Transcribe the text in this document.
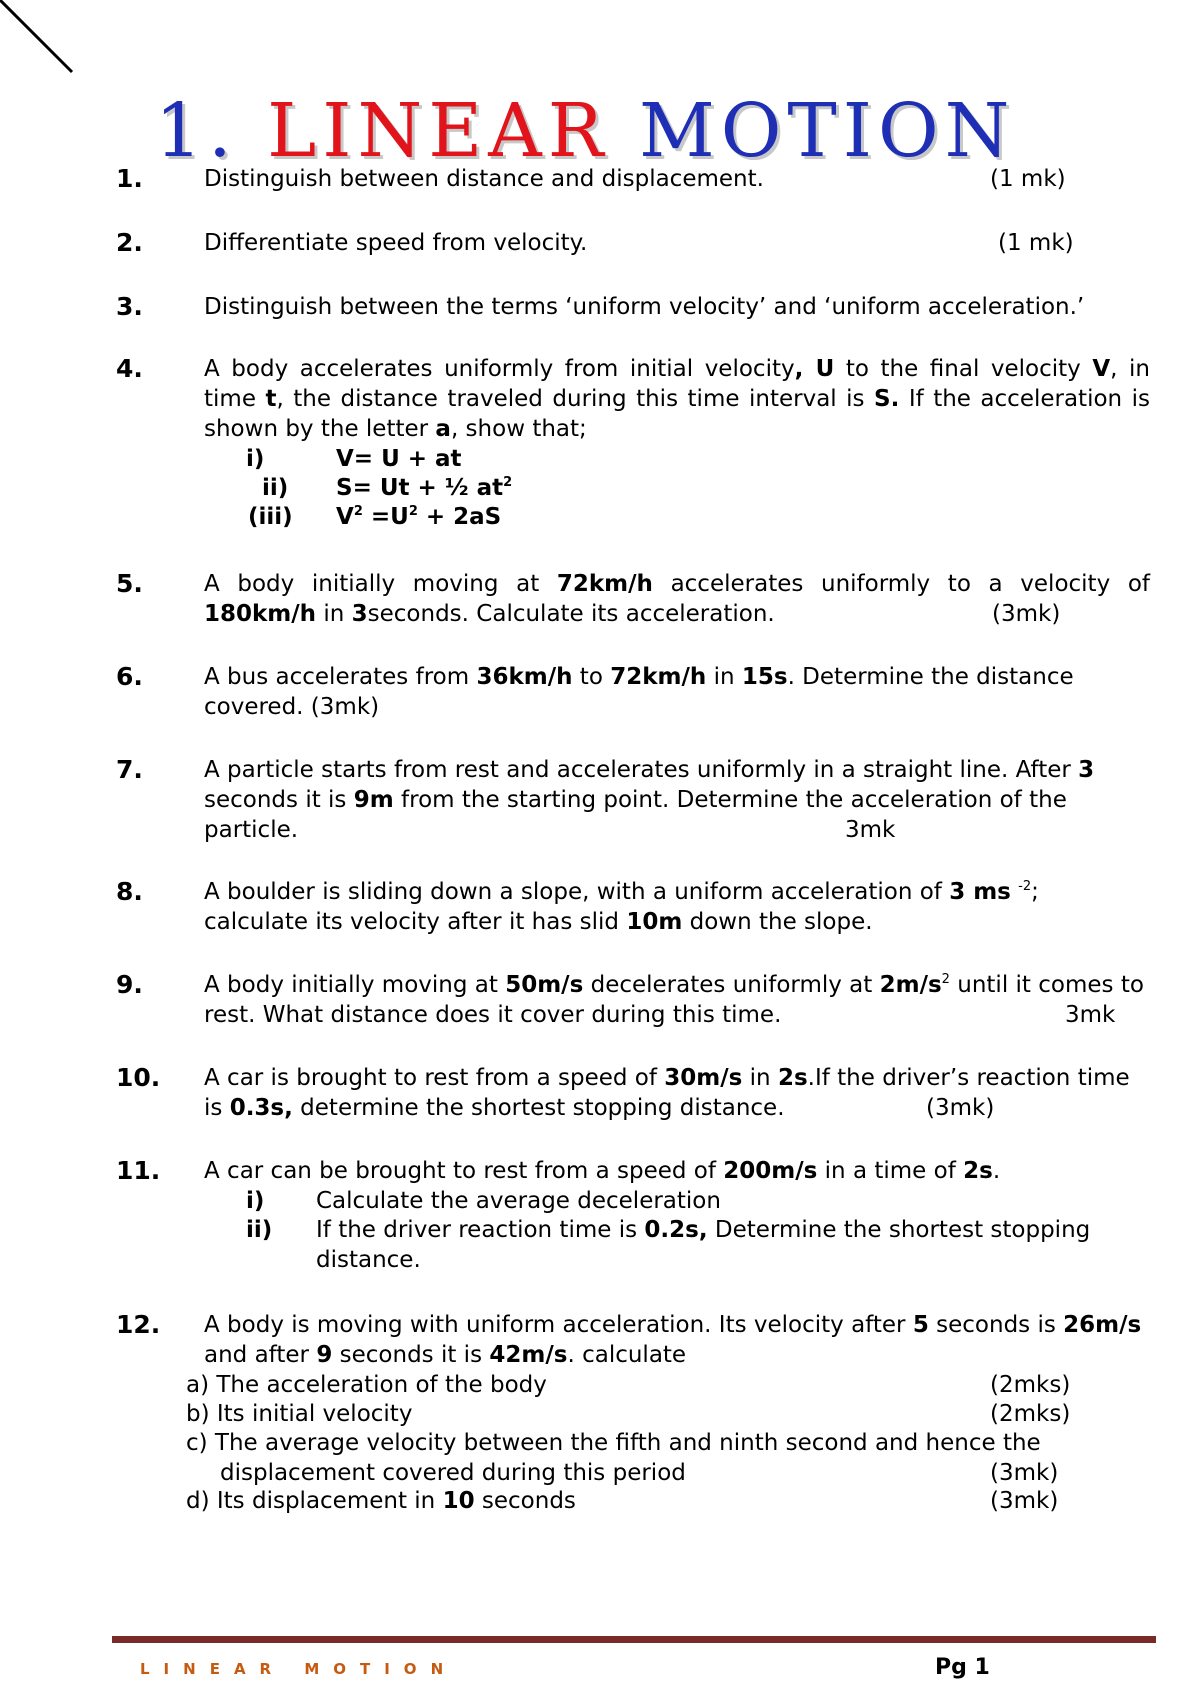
1. LINEAR MOTION
1.	Distinguish between distance and displacement.	(1 mk)
2.	Differentiate speed from velocity.	(1 mk)
3.	Distinguish between the terms ‘uniform velocity’ and ‘uniform acceleration.’
4.	A body accelerates uniformly from initial velocity, U to the final velocity V, in time t, the distance traveled during this time interval is S. If the acceleration is shown by the letter a, show that;
i)	V= U + at
ii) S= Ut + ½ $at^2$
(iii) $V^2 =U^2 + 2aS$
5.	A body initially moving at 72km/h accelerates uniformly to a velocity of 180km/h in 3seconds. Calculate its acceleration.	(3mk)
6.	A bus accelerates from 36km/h to 72km/h in 15s. Determine the distance covered. (3mk)
7.	A particle starts from rest and accelerates uniformly in a straight line. After 3 seconds it is 9m from the starting point. Determine the acceleration of the particle.	3mk
8.	A boulder is sliding down a slope, with a uniform acceleration of 3 ms $^{-2}$; calculate its velocity after it has slid 10m down the slope.
9.	A body initially moving at 50m/s decelerates uniformly at $2m/s^2$ until it comes to rest. What distance does it cover during this time.	3mk
10. A car is brought to rest from a speed of 30m/s in 2s.If the driver’s reaction time is 0.3s, determine the shortest stopping distance.	(3mk)
11. A car can be brought to rest from a speed of 200m/s in a time of 2s.
i) Calculate the average deceleration
ii) If the driver reaction time is 0.2s, Determine the shortest stopping distance.
12. A body is moving with uniform acceleration. Its velocity after 5 seconds is 26m/s and after 9 seconds it is 42m/s. calculate
a) The acceleration of the body	(2mks)
b) Its initial velocity	(2mks)
c) The average velocity between the fifth and ninth second and hence the
displacement covered during this period	(3mk)
d) Its displacement in 10 seconds	(3mk)
LINEAR MOTION	Pg 1
